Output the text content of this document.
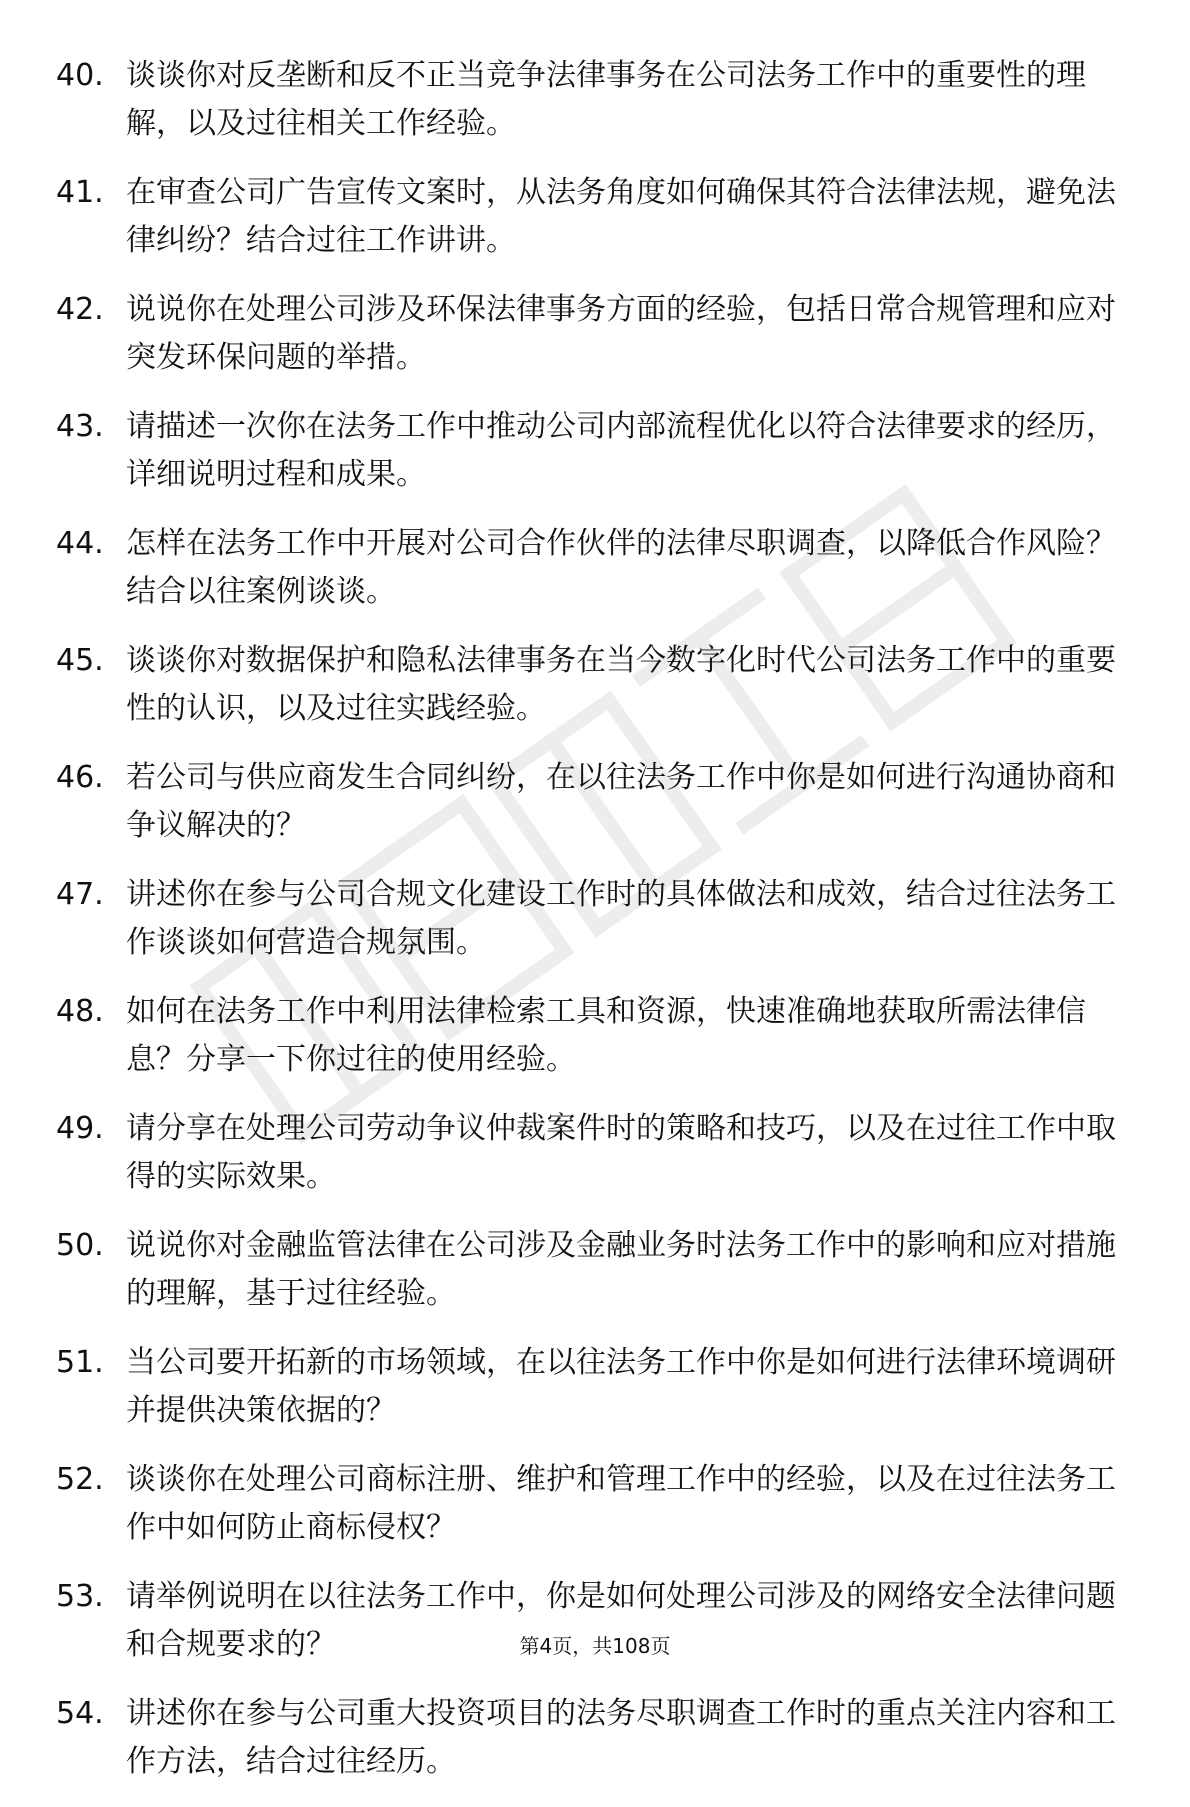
40. 谈谈你对反垄断和反不正当竞争法律事务在公司法务工作中的重要性的理解，以及过往相关工作经验。
41. 在审查公司广告宣传文案时，从法务角度如何确保其符合法律法规，避免法律纠纷？结合过往工作讲讲。
42. 说说你在处理公司涉及环保法律事务方面的经验，包括日常合规管理和应对突发环保问题的举措。
43. 请描述一次你在法务工作中推动公司内部流程优化以符合法律要求的经历，详细说明过程和成果。
44. 怎样在法务工作中开展对公司合作伙伴的法律尽职调查，以降低合作风险？结合以往案例谈谈。
45. 谈谈你对数据保护和隐私法律事务在当今数字化时代公司法务工作中的重要性的认识，以及过往实践经验。
46. 若公司与供应商发生合同纠纷，在以往法务工作中你是如何进行沟通协商和争议解决的？
47. 讲述你在参与公司合规文化建设工作时的具体做法和成效，结合过往法务工作谈谈如何营造合规氛围。
48. 如何在法务工作中利用法律检索工具和资源，快速准确地获取所需法律信息？分享一下你过往的使用经验。
49. 请分享在处理公司劳动争议仲裁案件时的策略和技巧，以及在过往工作中取得的实际效果。
50. 说说你对金融监管法律在公司涉及金融业务时法务工作中的影响和应对措施的理解，基于过往经验。
51. 当公司要开拓新的市场领域，在以往法务工作中你是如何进行法律环境调研并提供决策依据的？
52. 谈谈你在处理公司商标注册、维护和管理工作中的经验，以及在过往法务工作中如何防止商标侵权？
53. 请举例说明在以往法务工作中，你是如何处理公司涉及的网络安全法律问题和合规要求的？
54. 讲述你在参与公司重大投资项目的法务尽职调查工作时的重点关注内容和工作方法，结合过往经历。
第4页，共108页
